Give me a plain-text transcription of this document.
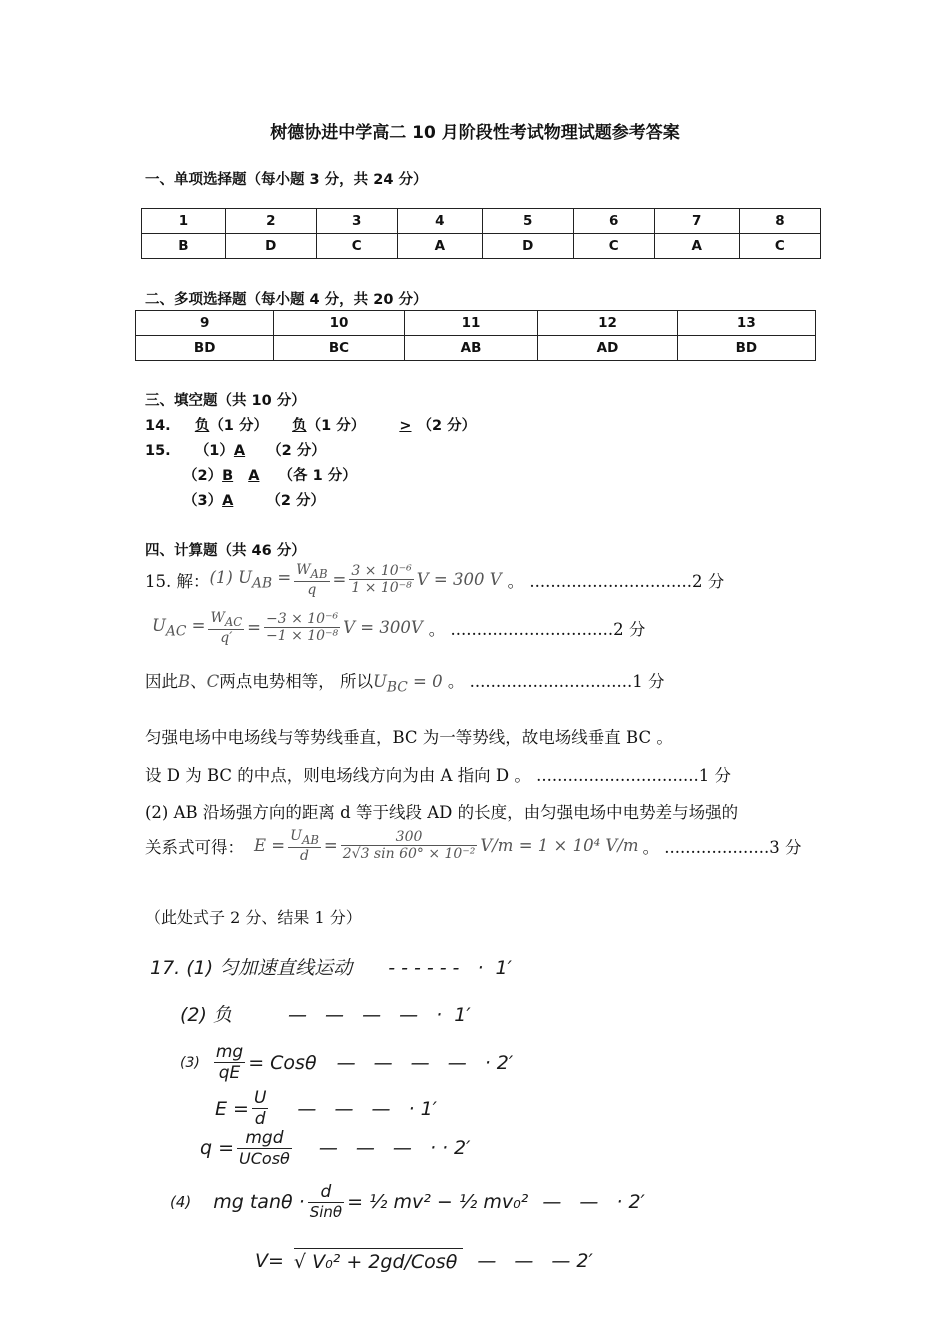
树德协进中学高二 10 月阶段性考试物理试题参考答案
一、单项选择题（每小题 3 分，共 24 分）
1	2	3	4	5	6	7	8
B	D	C	A	D	C	A	C
二、多项选择题（每小题 4 分，共 20 分）
9	10	11	12	13
BD	BC	AB	AD	BD
三、填空题（共 10 分）
14. 负（1 分） 负（1 分） > （2 分）
15. （1）A （2 分）
（2）B A （各 1 分）
（3）A （2 分）
四、计算题（共 46 分）
15. 解： (1) $U_{AB} = \frac{W_{AB}}{q} = \frac{\text{3 × 10⁻⁶}}{\text{1 × 10⁻⁸}}$ V = 300 V 。 ...............................2 分
$U_{AC} = \frac{W_{AC}}{q'} = \frac{\text{−3 × 10⁻⁶}}{\text{−1 × 10⁻⁸}}$ V = 300V 。 ...............................2 分
因此B、C两点电势相等， 所以$U_{BC} = 0$ 。 ...............................1 分
匀强电场中电场线与等势线垂直，BC 为一等势线，故电场线垂直 BC 。
设 D 为 BC 的中点，则电场线方向为由 A 指向 D 。 ...............................1 分
(2) AB 沿场强方向的距离 d 等于线段 AD 的长度，由匀强电场中电势差与场强的
关系式可得： $E = \frac{U_{AB}}{d} = \frac{300}{\text{2√3 sin 60° × 10⁻²}} V/m = 1 \times 10^4$ V/m 。 ....................3 分
（此处式子 2 分、结果 1 分）
17. (1) 匀加速直线运动 ------ · 1′
(2) 负	— — — — · 1′
$(3) \frac{mg}{qE} = Cos\theta$ — — — — · 2′
$E = \frac{U}{d}$ — — — · 1′
$q = \frac{\text{mgd}}{\text{UCosθ}}$ — — — ·· 2′
(4) mg $\tan\theta \cdot \frac{d}{\text{Sinθ}}$ = ½ mv² − ½ mv₀² — — · 2′
V= √ V₀² + 2gd/Cosθ	— — — 2′
